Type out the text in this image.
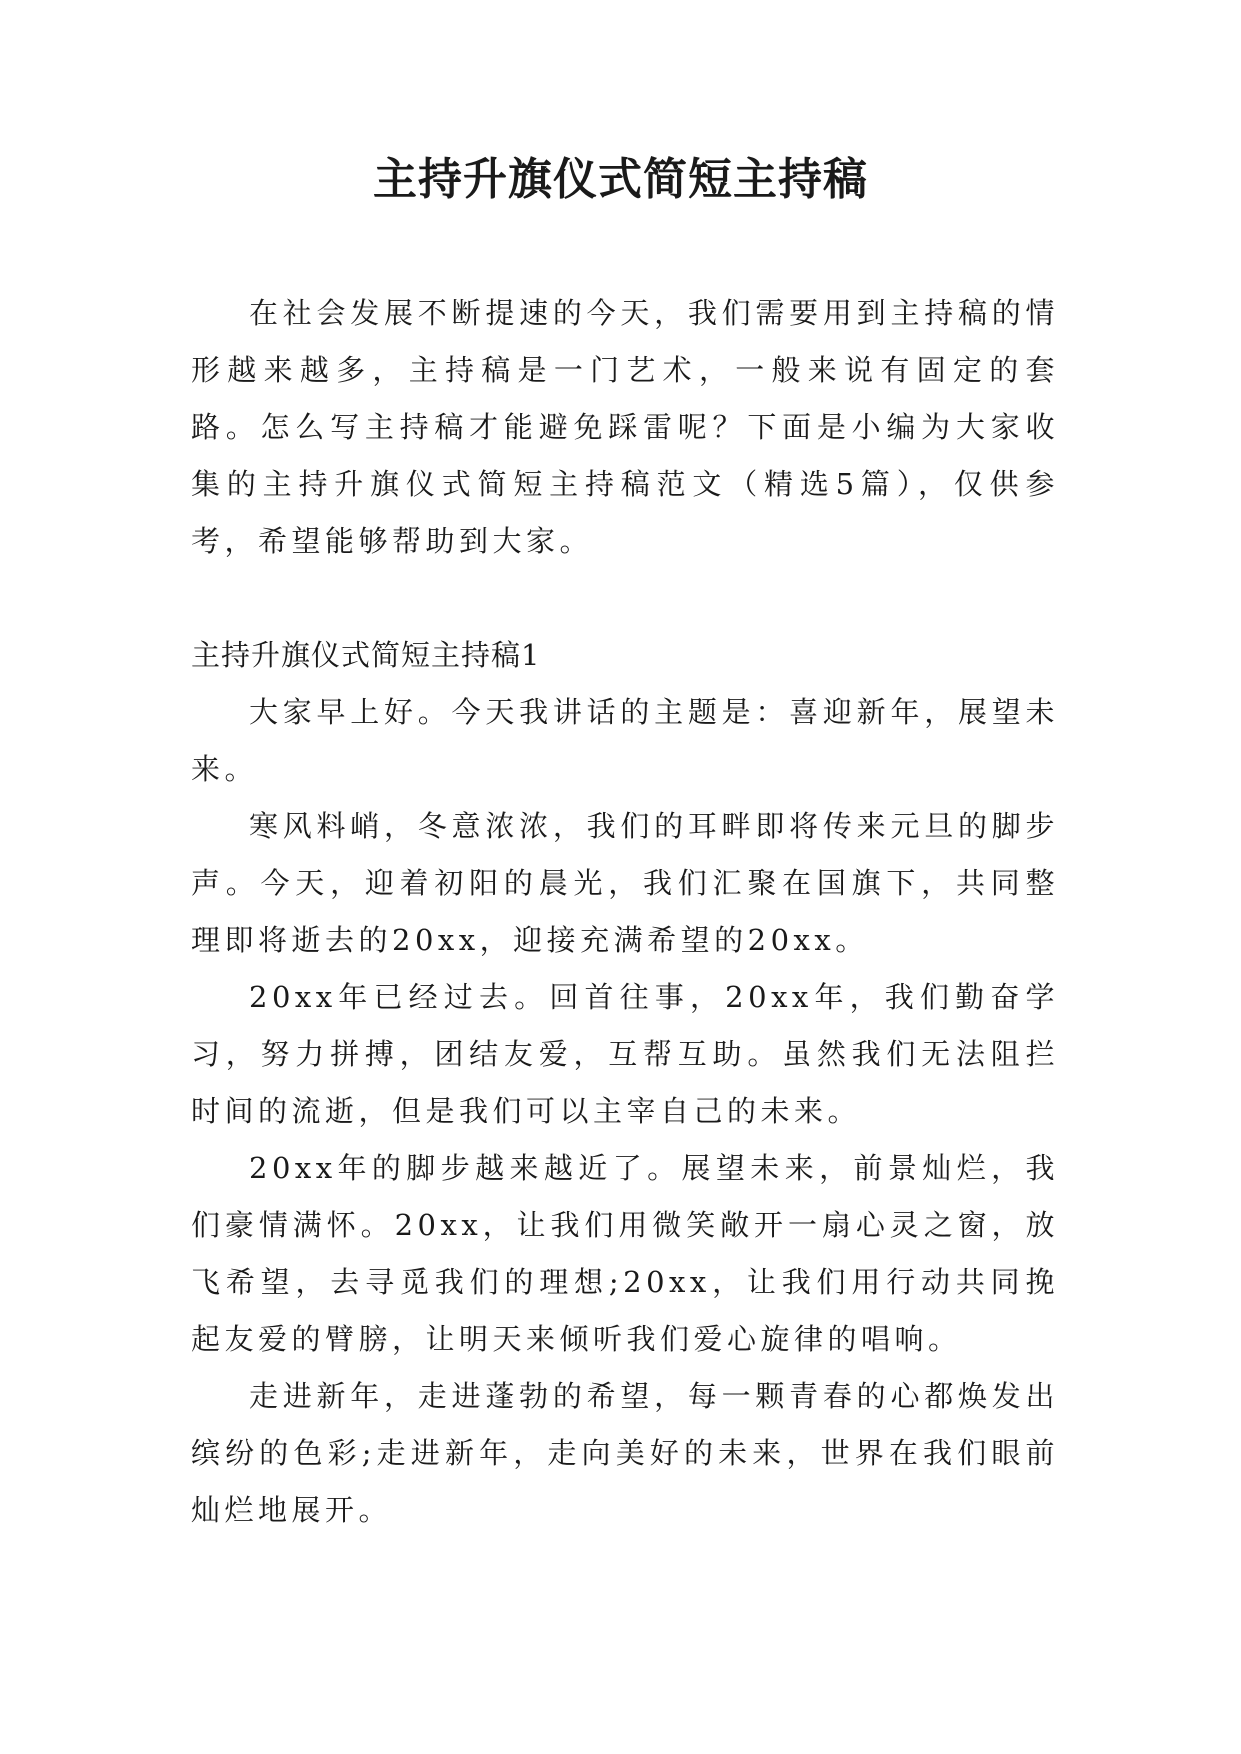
主持升旗仪式简短主持稿

在社会发展不断提速的今天，我们需要用到主持稿的情形越来越多，主持稿是一门艺术，一般来说有固定的套路。怎么写主持稿才能避免踩雷呢？下面是小编为大家收集的主持升旗仪式简短主持稿范文（精选5篇），仅供参考，希望能够帮助到大家。

主持升旗仪式简短主持稿1

大家早上好。今天我讲话的主题是：喜迎新年，展望未来。

寒风料峭，冬意浓浓，我们的耳畔即将传来元旦的脚步声。今天，迎着初阳的晨光，我们汇聚在国旗下，共同整理即将逝去的20xx，迎接充满希望的20xx。

20xx年已经过去。回首往事，20xx年，我们勤奋学习，努力拼搏，团结友爱，互帮互助。虽然我们无法阻拦时间的流逝，但是我们可以主宰自己的未来。

20xx年的脚步越来越近了。展望未来，前景灿烂，我们豪情满怀。20xx，让我们用微笑敞开一扇心灵之窗，放飞希望，去寻觅我们的理想;20xx，让我们用行动共同挽起友爱的臂膀，让明天来倾听我们爱心旋律的唱响。

走进新年，走进蓬勃的希望，每一颗青春的心都焕发出缤纷的色彩;走进新年，走向美好的未来，世界在我们眼前灿烂地展开。
